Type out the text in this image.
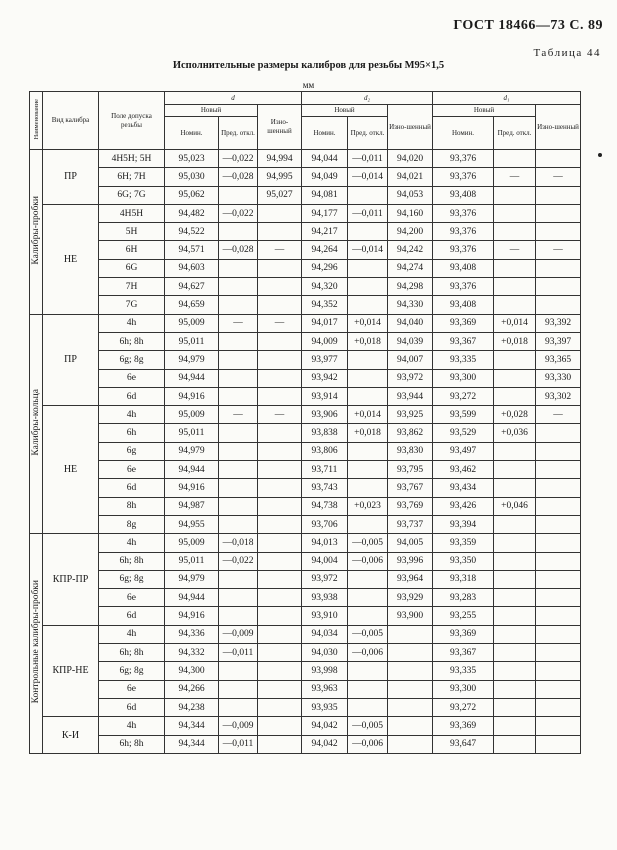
ГОСТ 18466—73 С. 89
Таблица 44
Исполнительные размеры калибров для резьбы M95×1,5
мм
Наименование	Вид калибра	Поле допуска резьбы	d			d₂			d₁		
			Новый		Изно-шенный	Новый		Изно-шенный	Новый		Изно-шенный
			Номин.	Пред. откл.		Номин.	Пред. откл.		Номин.	Пред. откл.	
Калибры-пробки	ПР	4Н5Н; 5Н	95,023	—0,022	94,994	94,044	—0,011	94,020	93,376		
		6Н; 7Н	95,030	—0,028	94,995	94,049	—0,014	94,021	93,376	—	—
		6G; 7G	95,062		95,027	94,081		94,053	93,408		
	НЕ	4Н5Н	94,482	—0,022		94,177	—0,011	94,160	93,376		
		5Н	94,522			94,217		94,200	93,376		
		6Н	94,571	—0,028	—	94,264	—0,014	94,242	93,376	—	—
		6G	94,603			94,296		94,274	93,408		
		7Н	94,627			94,320		94,298	93,376		
		7G	94,659			94,352		94,330	93,408		
Калибры-кольца	ПР	4h	95,009	—	—	94,017	+0,014	94,040	93,369	+0,014	93,392
		6h; 8h	95,011			94,009	+0,018	94,039	93,367	+0,018	93,397
		6g; 8g	94,979			93,977		94,007	93,335		93,365
		6e	94,944			93,942		93,972	93,300		93,330
		6d	94,916			93,914		93,944	93,272		93,302
	НЕ	4h	95,009	—	—	93,906	+0,014	93,925	93,599	+0,028	—
		6h	95,011			93,838	+0,018	93,862	93,529	+0,036	
		6g	94,979			93,806		93,830	93,497		
		6e	94,944			93,711		93,795	93,462		
		6d	94,916			93,743		93,767	93,434		
		8h	94,987			94,738	+0,023	93,769	93,426	+0,046	
		8g	94,955			93,706		93,737	93,394		
Контрольные калибры-пробки	КПР-ПР	4h	95,009	—0,018		94,013	—0,005	94,005	93,359		
		6h; 8h	95,011	—0,022		94,004	—0,006	93,996	93,350		
		6g; 8g	94,979			93,972		93,964	93,318		
		6e	94,944			93,938		93,929	93,283		
		6d	94,916			93,910		93,900	93,255		
	КПР-НЕ	4h	94,336	—0,009		94,034	—0,005		93,369		
		6h; 8h	94,332	—0,011		94,030	—0,006		93,367		
		6g; 8g	94,300			93,998			93,335		
		6e	94,266			93,963			93,300		
		6d	94,238			93,935			93,272		
	К-И	4h	94,344	—0,009		94,042	—0,005		93,369		
		6h; 8h	94,344	—0,011		94,042	—0,006		93,647		
